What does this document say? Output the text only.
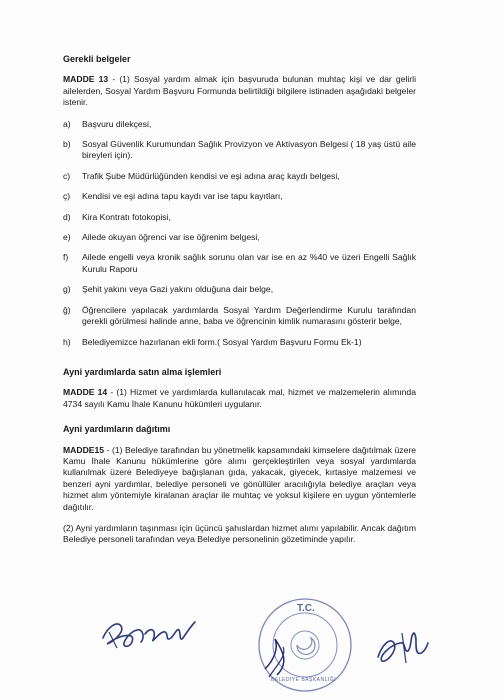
Gerekli belgeler
MADDE 13 - (1) Sosyal yardım almak için başvuruda bulunan muhtaç kişi ve dar gelirli ailelerden, Sosyal Yardım Başvuru Formunda belirtildiği bilgilere istinaden aşağıdaki belgeler istenir.
a)	Başvuru dilekçesi,
b)	Sosyal Güvenlik Kurumundan Sağlık Provizyon ve Aktivasyon Belgesi ( 18 yaş üstü aile bireyleri için).
c)	Trafik Şube Müdürlüğünden kendisi ve eşi adına araç kaydı belgesi,
ç)	Kendisi ve eşi adına tapu kaydı var ise tapu kayıtları,
d)	Kira Kontratı fotokopisi,
e)	Ailede okuyan öğrenci var ise öğrenim belgesi,
f)	Ailede engelli veya kronik sağlık sorunu olan var ise en az %40 ve üzeri Engelli Sağlık Kurulu Raporu
g)	Şehit yakını veya Gazi yakını olduğuna dair belge,
ğ)	Öğrencilere yapılacak yardımlarda Sosyal Yardım Değerlendirme Kurulu tarafından gerekli görülmesi halinde anne, baba ve öğrencinin kimlik numarasını gösterir belge,
h)	Belediyemizce hazırlanan ekli form.( Sosyal Yardım Başvuru Formu Ek-1)
Ayni yardımlarda satın alma işlemleri
MADDE 14 - (1) Hizmet ve yardımlarda kullanılacak mal, hizmet ve malzemelerin alımında 4734 sayılı Kamu İhale Kanunu hükümleri uygulanır.
Ayni yardımların dağıtımı
MADDE15 - (1) Belediye tarafından bu yönetmelik kapsamındaki kimselere dağıtılmak üzere Kamu İhale Kanunu hükümlerine göre alımı gerçekleştirilen veya sosyal yardımlarda kullanılmak üzere Belediyeye bağışlanan gıda, yakacak, giyecek, kırtasiye malzemesi ve benzeri ayni yardımlar, belediye personeli ve gönüllüler aracılığıyla belediye araçları veya hizmet alım yöntemiyle kiralanan araçlar ile muhtaç ve yoksul kişilere en uygun yöntemlerle dağıtılır.
(2) Ayni yardımların taşınması için üçüncü şahıslardan hizmet alımı yapılabilir. Ancak dağıtım Belediye personeli tarafından veya Belediye personelinin gözetiminde yapılır.
T.C.
BELEDİYE BAŞKANLIĞI
